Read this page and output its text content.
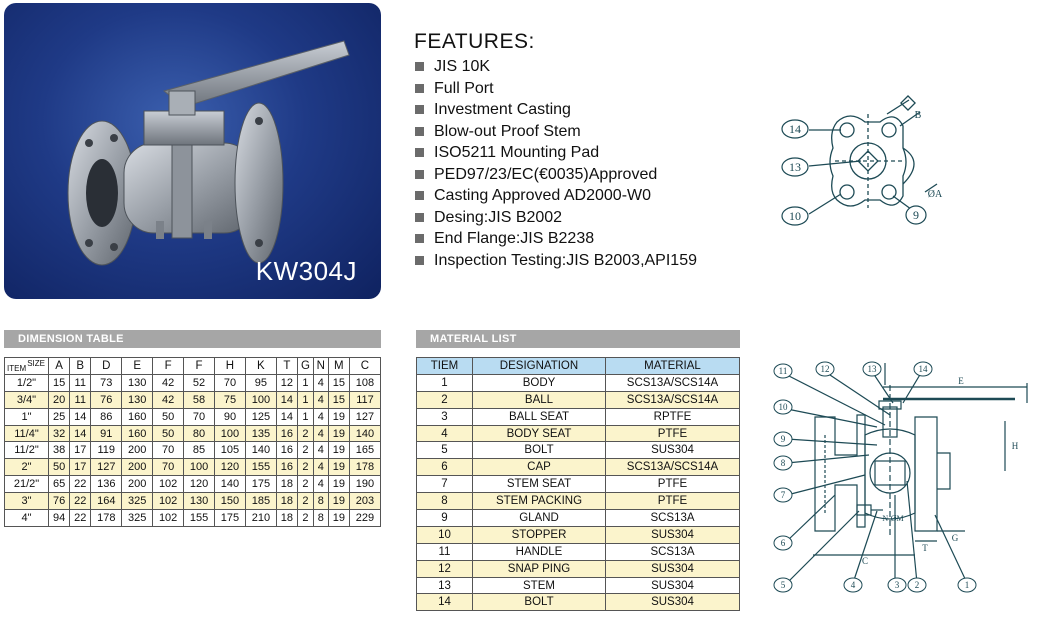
KW304J
FEATURES:
JIS 10K
Full Port
Investment Casting
Blow-out Proof Stem
ISO5211 Mounting Pad
PED97/23/EC(€0035)Approved
Casting Approved AD2000-W0
Desing:JIS B2002
End Flange:JIS B2238
Inspection Testing:JIS B2003,API159
14
13
10	9
B
ØA
DIMENSION TABLE	MATERIAL LIST
SIZE
ITEM	A	B	D	E	F	F	H	K	T	G	N	M	C
1/2"	15	11	73	130	42	52	70	95	12	1	4	15	108
3/4"	20	11	76	130	42	58	75	100	14	1	4	15	117
1"	25	14	86	160	50	70	90	125	14	1	4	19	127
11/4"	32	14	91	160	50	80	100	135	16	2	4	19	140
11/2"	38	17	119	200	70	85	105	140	16	2	4	19	165
2"	50	17	127	200	70	100	120	155	16	2	4	19	178
21/2"	65	22	136	200	102	120	140	175	18	2	4	19	190
3"	76	22	164	325	102	130	150	185	18	2	8	19	203
4"	94	22	178	325	102	155	175	210	18	2	8	19	229
TIEM	DESIGNATION	MATERIAL
1	BODY	SCS13A/SCS14A
2	BALL	SCS13A/SCS14A
3	BALL SEAT	RPTFE
4	BODY SEAT	PTFE
5	BOLT	SUS304
6	CAP	SCS13A/SCS14A
7	STEM SEAT	PTFE
8	STEM PACKING	PTFE
9	GLAND	SCS13A
10	STOPPER	SUS304
11	HANDLE	SCS13A
12	SNAP PING	SUS304
13	STEM	SUS304
14	BOLT	SUS304
11	12	13	14
10
9
8
7
6
5	4	3 2	1
E
H
C
T
G
N-ØM
